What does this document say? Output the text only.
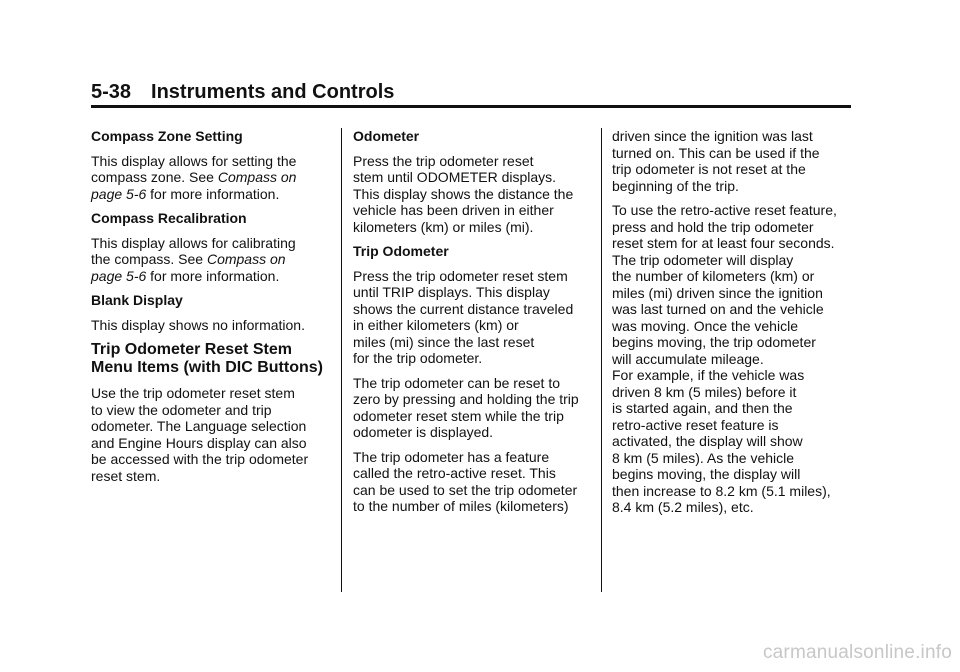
5-38 Instruments and Controls
Compass Zone Setting

This display allows for setting the
compass zone. See Compass on
page 5-6 for more information.

Compass Recalibration

This display allows for calibrating
the compass. See Compass on
page 5-6 for more information.

Blank Display

This display shows no information.

Trip Odometer Reset Stem
Menu Items (with DIC Buttons)

Use the trip odometer reset stem
to view the odometer and trip
odometer. The Language selection
and Engine Hours display can also
be accessed with the trip odometer
reset stem.

Odometer

Press the trip odometer reset
stem until ODOMETER displays.
This display shows the distance the
vehicle has been driven in either
kilometers (km) or miles (mi).

Trip Odometer

Press the trip odometer reset stem
until TRIP displays. This display
shows the current distance traveled
in either kilometers (km) or
miles (mi) since the last reset
for the trip odometer.

The trip odometer can be reset to
zero by pressing and holding the trip
odometer reset stem while the trip
odometer is displayed.

The trip odometer has a feature
called the retro-active reset. This
can be used to set the trip odometer
to the number of miles (kilometers)

driven since the ignition was last
turned on. This can be used if the
trip odometer is not reset at the
beginning of the trip.

To use the retro-active reset feature,
press and hold the trip odometer
reset stem for at least four seconds.
The trip odometer will display
the number of kilometers (km) or
miles (mi) driven since the ignition
was last turned on and the vehicle
was moving. Once the vehicle
begins moving, the trip odometer
will accumulate mileage.
For example, if the vehicle was
driven 8 km (5 miles) before it
is started again, and then the
retro-active reset feature is
activated, the display will show
8 km (5 miles). As the vehicle
begins moving, the display will
then increase to 8.2 km (5.1 miles),
8.4 km (5.2 miles), etc.

carmanualsonline.info
